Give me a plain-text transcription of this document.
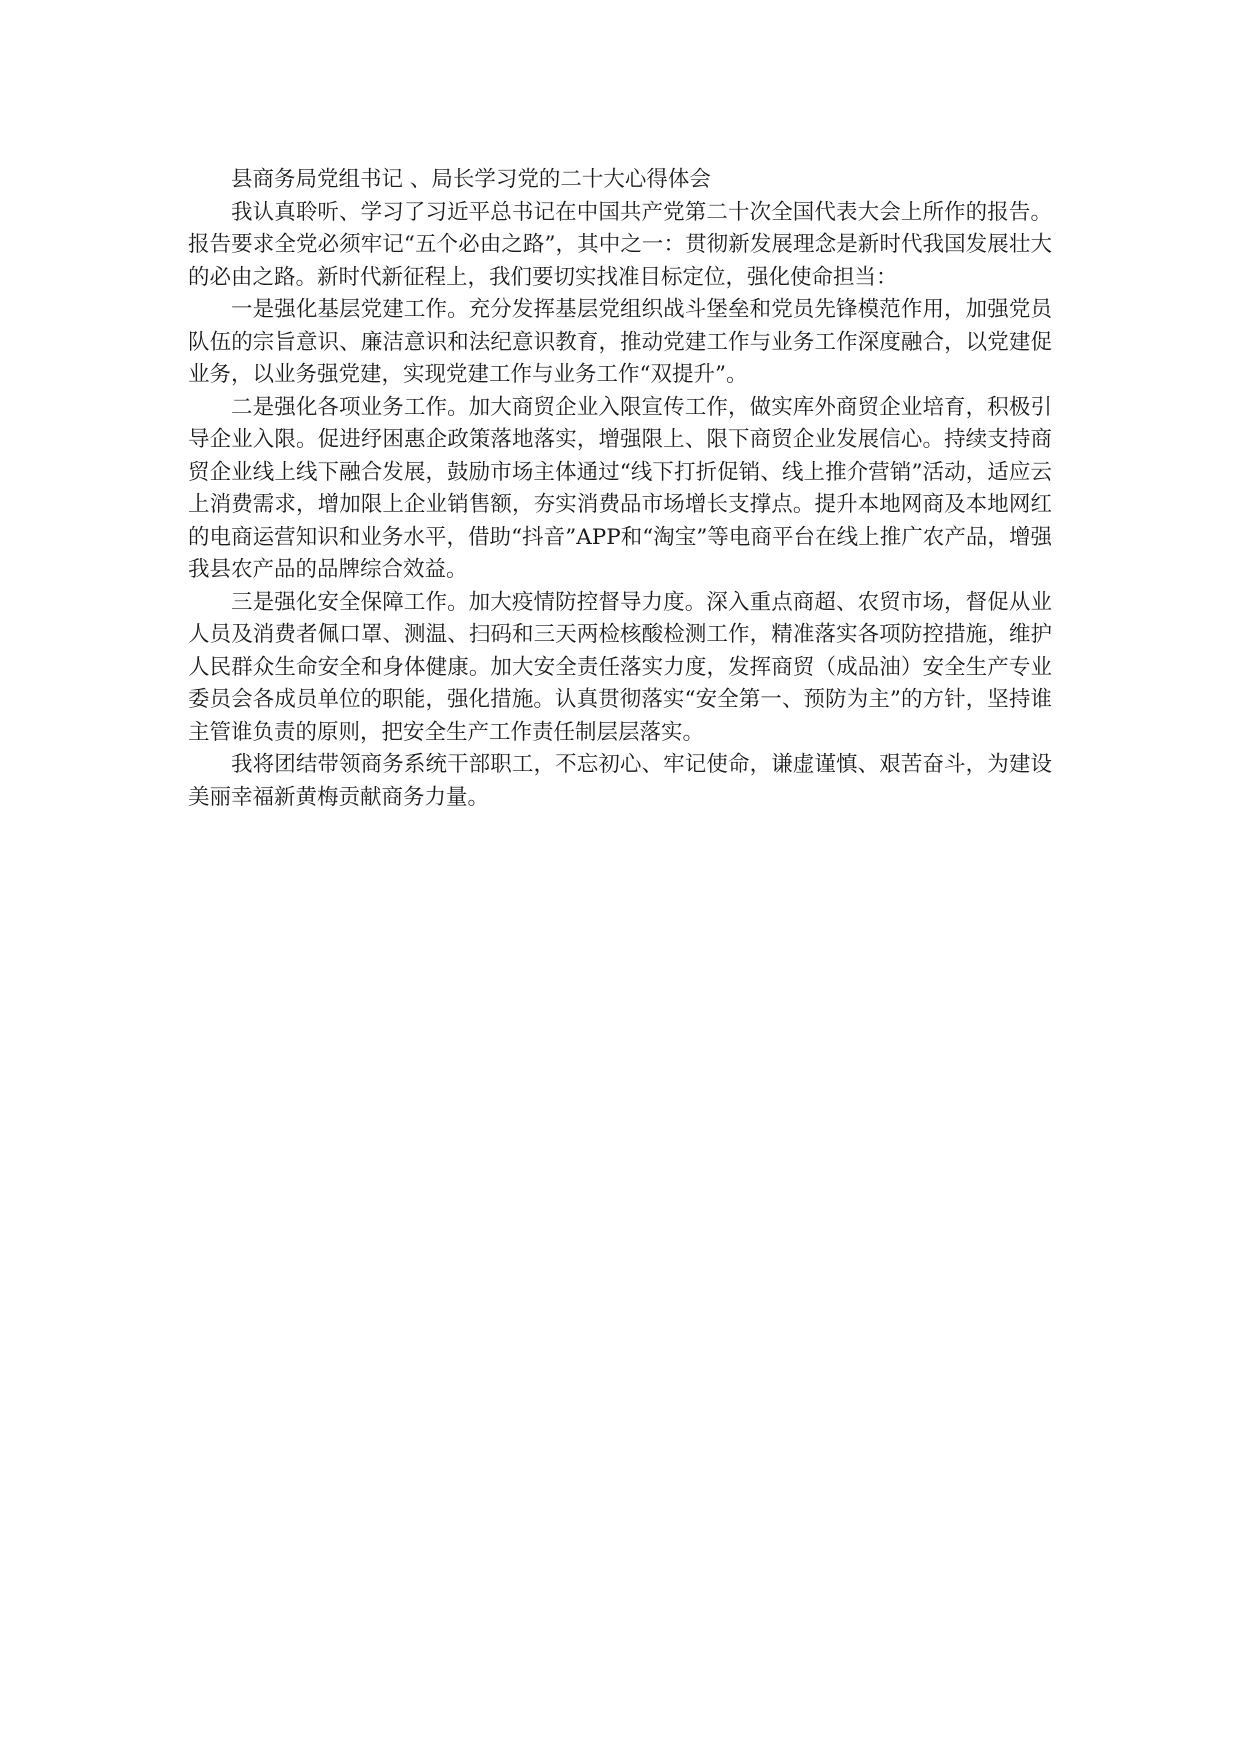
县商务局党组书记 、局长学习党的二十大心得体会

我认真聆听、学习了习近平总书记在中国共产党第二十次全国代表大会上所作的报告。报告要求全党必须牢记“五个必由之路”，其中之一：贯彻新发展理念是新时代我国发展壮大的必由之路。新时代新征程上，我们要切实找准目标定位，强化使命担当：

一是强化基层党建工作。充分发挥基层党组织战斗堡垒和党员先锋模范作用，加强党员队伍的宗旨意识、廉洁意识和法纪意识教育，推动党建工作与业务工作深度融合，以党建促业务，以业务强党建，实现党建工作与业务工作“双提升”。

二是强化各项业务工作。加大商贸企业入限宣传工作，做实库外商贸企业培育，积极引导企业入限。促进纾困惠企政策落地落实，增强限上、限下商贸企业发展信心。持续支持商贸企业线上线下融合发展，鼓励市场主体通过“线下打折促销、线上推介营销”活动，适应云上消费需求，增加限上企业销售额，夯实消费品市场增长支撑点。提升本地网商及本地网红的电商运营知识和业务水平，借助“抖音”APP和“淘宝”等电商平台在线上推广农产品，增强我县农产品的品牌综合效益。

三是强化安全保障工作。加大疫情防控督导力度。深入重点商超、农贸市场，督促从业人员及消费者佩口罩、测温、扫码和三天两检核酸检测工作，精准落实各项防控措施，维护人民群众生命安全和身体健康。加大安全责任落实力度，发挥商贸（成品油）安全生产专业委员会各成员单位的职能，强化措施。认真贯彻落实“安全第一、预防为主”的方针，坚持谁主管谁负责的原则，把安全生产工作责任制层层落实。

我将团结带领商务系统干部职工，不忘初心、牢记使命，谦虚谨慎、艰苦奋斗，为建设美丽幸福新黄梅贡献商务力量。
